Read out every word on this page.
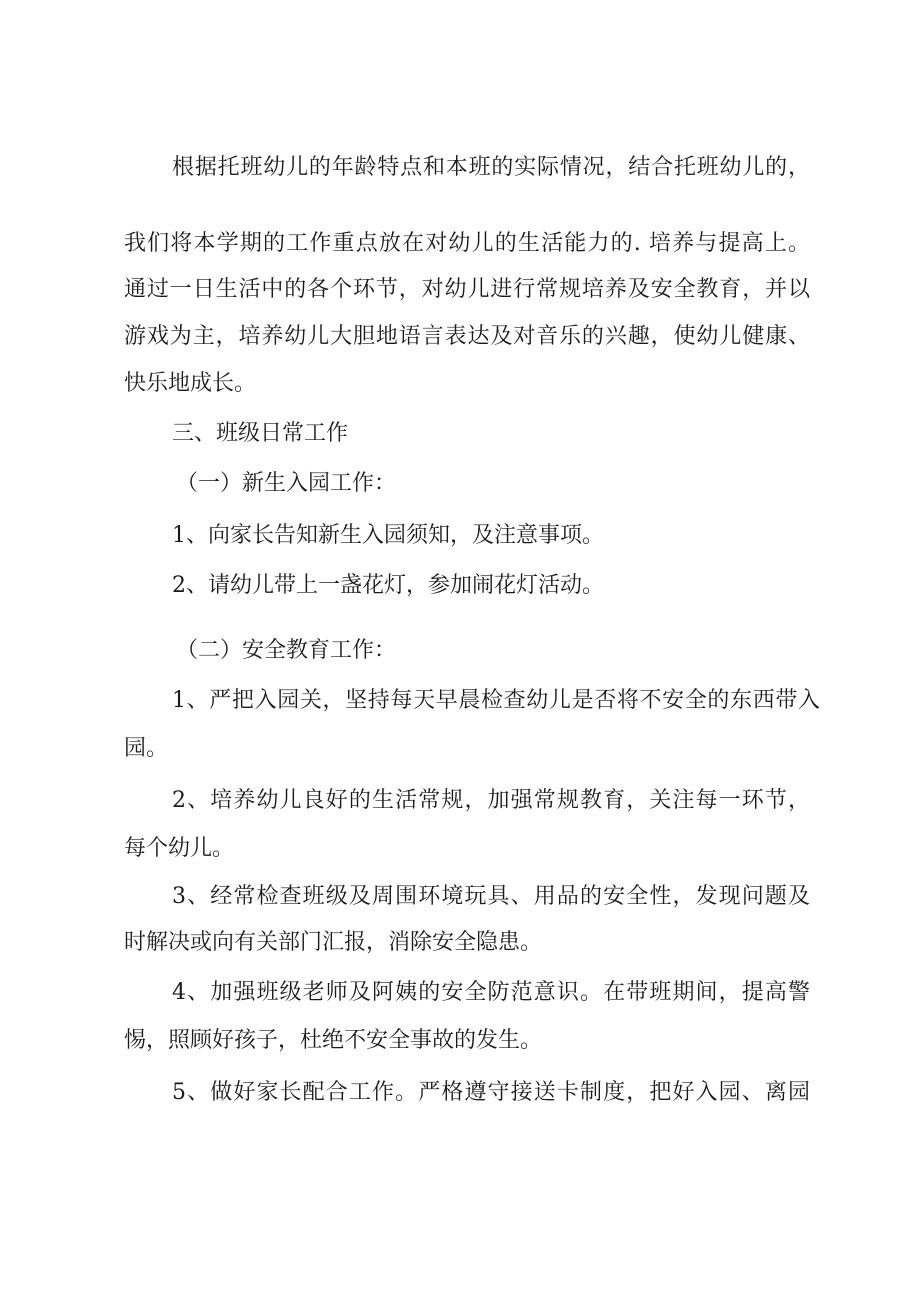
根据托班幼儿的年龄特点和本班的实际情况，结合托班幼儿的，

我们将本学期的工作重点放在对幼儿的生活能力的. 培养与提高上。

通过一日生活中的各个环节，对幼儿进行常规培养及安全教育，并以

游戏为主，培养幼儿大胆地语言表达及对音乐的兴趣，使幼儿健康、

快乐地成长。

三、班级日常工作

（一）新生入园工作：

1、向家长告知新生入园须知，及注意事项。

2、请幼儿带上一盏花灯，参加闹花灯活动。

（二）安全教育工作：

1、严把入园关，坚持每天早晨检查幼儿是否将不安全的东西带入

园。

2、培养幼儿良好的生活常规，加强常规教育，关注每一环节，

每个幼儿。

3、经常检查班级及周围环境玩具、用品的安全性，发现问题及

时解决或向有关部门汇报，消除安全隐患。

4、加强班级老师及阿姨的安全防范意识。在带班期间，提高警

惕，照顾好孩子，杜绝不安全事故的发生。

5、做好家长配合工作。严格遵守接送卡制度，把好入园、离园
